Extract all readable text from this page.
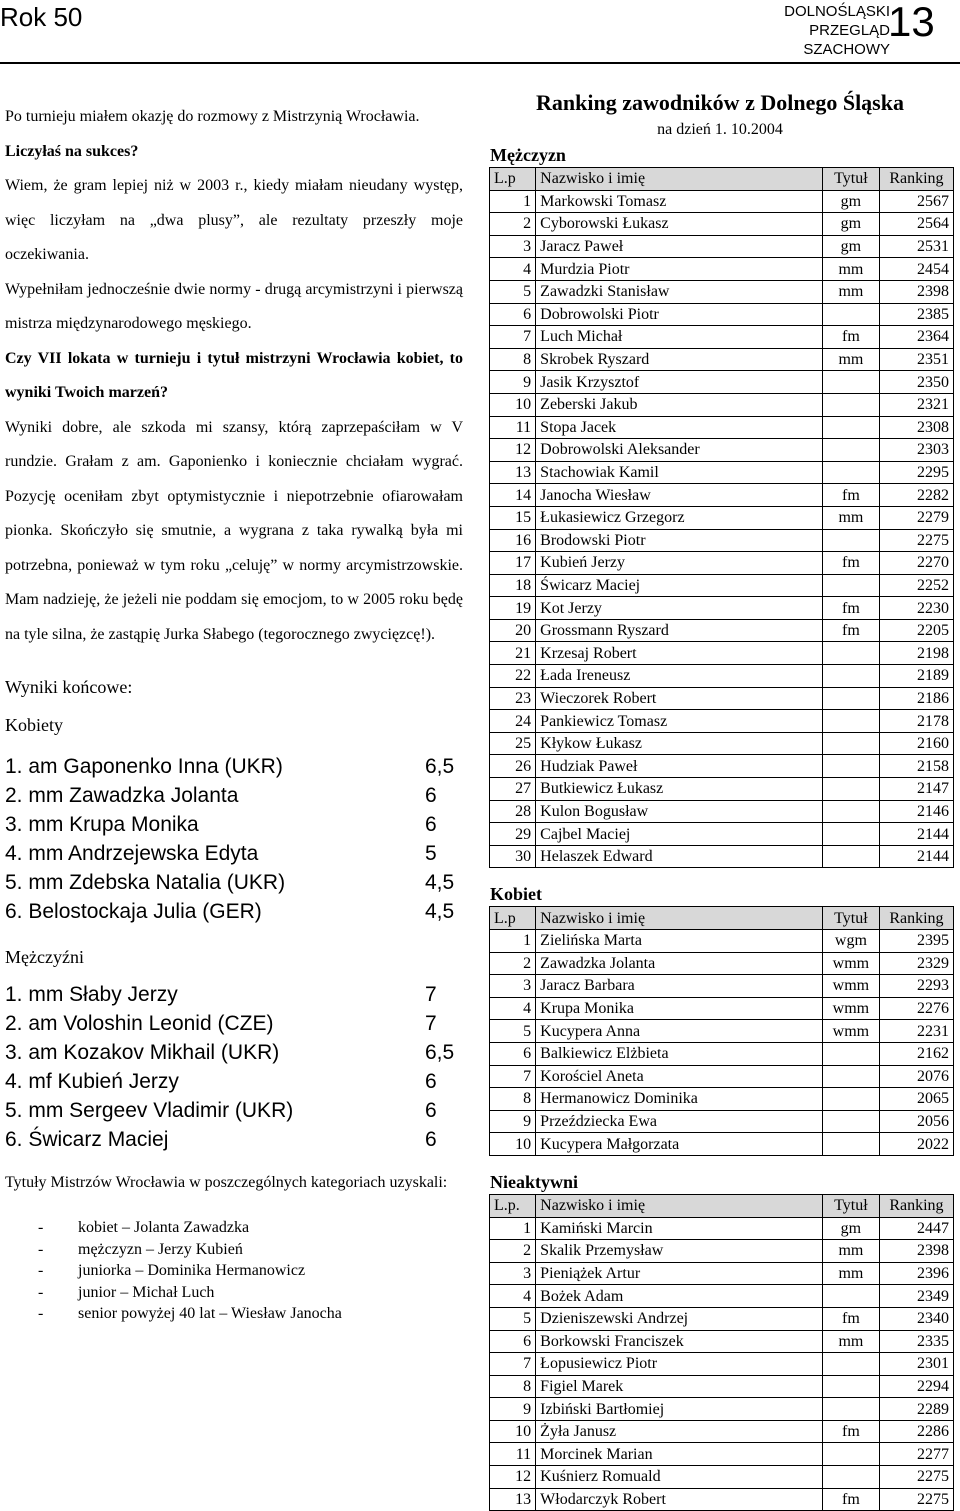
Rok 50	DOLNOŚLĄSKI
PRZEGLĄD
SZACHOWY
13

Po turnieju miałem okazję do rozmowy z Mistrzynią Wrocławia.

Liczyłaś na sukces?

Wiem, że gram lepiej niż w 2003 r., kiedy miałam nieudany występ, więc liczyłam na „dwa plusy”, ale rezultaty przeszły moje oczekiwania.

Wypełniłam jednocześnie dwie normy - drugą arcymistrzyni i pierwszą mistrza międzynarodowego męskiego.

Czy VII lokata w turnieju i tytuł mistrzyni Wrocławia kobiet, to wyniki Twoich marzeń?

Wyniki dobre, ale szkoda mi szansy, którą zaprzepaściłam w V rundzie. Grałam z am. Gaponienko i koniecznie chciałam wygrać. Pozycję oceniłam zbyt optymistycznie i niepotrzebnie ofiarowałam pionka. Skończyło się smutnie, a wygrana z taka rywalką była mi potrzebna, ponieważ w tym roku „celuję” w normy arcymistrzowskie. Mam nadzieję, że jeżeli nie poddam się emocjom, to w 2005 roku będę na tyle silna, że zastąpię Jurka Słabego (tegorocznego zwycięzcę!).

Wyniki końcowe:

Kobiety

1. am Gaponenko Inna (UKR)	6,5
2. mm Zawadzka Jolanta	6
3. mm Krupa Monika	6
4. mm Andrzejewska Edyta	5
5. mm Zdebska Natalia (UKR)	4,5
6. Belostockaja Julia (GER)	4,5

Mężczyźni

1. mm Słaby Jerzy	7
2. am Voloshin Leonid (CZE)	7
3. am Kozakov Mikhail (UKR)	6,5
4. mf Kubień Jerzy	6
5. mm Sergeev Vladimir (UKR)	6
6. Świcarz Maciej	6

Tytuły Mistrzów Wrocławia w poszczególnych kategoriach uzyskali:

- kobiet – Jolanta Zawadzka
- mężczyzn – Jerzy Kubień
- juniorka – Dominika Hermanowicz
- junior – Michał Luch
- senior powyżej 40 lat – Wiesław Janocha

Ranking zawodników z Dolnego Śląska

na dzień 1. 10.2004

Mężczyzn

L.p	Nazwisko i imię	Tytuł	Ranking
1	Markowski Tomasz	gm	2567
2	Cyborowski Łukasz	gm	2564
3	Jaracz Paweł	gm	2531
4	Murdzia Piotr	mm	2454
5	Zawadzki Stanisław	mm	2398
6	Dobrowolski Piotr		2385
7	Luch Michał	fm	2364
8	Skrobek Ryszard	mm	2351
9	Jasik Krzysztof		2350
10	Zeberski Jakub		2321
11	Stopa Jacek		2308
12	Dobrowolski Aleksander		2303
13	Stachowiak Kamil		2295
14	Janocha Wiesław	fm	2282
15	Łukasiewicz Grzegorz	mm	2279
16	Brodowski Piotr		2275
17	Kubień Jerzy	fm	2270
18	Świcarz Maciej		2252
19	Kot Jerzy	fm	2230
20	Grossmann Ryszard	fm	2205
21	Krzesaj Robert		2198
22	Łada Ireneusz		2189
23	Wieczorek Robert		2186
24	Pankiewicz Tomasz		2178
25	Kłykow Łukasz		2160
26	Hudziak Paweł		2158
27	Butkiewicz Łukasz		2147
28	Kulon Bogusław		2146
29	Cajbel Maciej		2144
30	Helaszek Edward		2144

Kobiet

L.p	Nazwisko i imię	Tytuł	Ranking
1	Zielińska Marta	wgm	2395
2	Zawadzka Jolanta	wmm	2329
3	Jaracz Barbara	wmm	2293
4	Krupa Monika	wmm	2276
5	Kucypera Anna	wmm	2231
6	Balkiewicz Elżbieta		2162
7	Korościel Aneta		2076
8	Hermanowicz Dominika		2065
9	Przeździecka Ewa		2056
10	Kucypera Małgorzata		2022

Nieaktywni

L.p.	Nazwisko i imię	Tytuł	Ranking
1	Kamiński Marcin	gm	2447
2	Skalik Przemysław	mm	2398
3	Pieniążek Artur	mm	2396
4	Bożek Adam		2349
5	Dzieniszewski Andrzej	fm	2340
6	Borkowski Franciszek	mm	2335
7	Łopusiewicz Piotr		2301
8	Figiel Marek		2294
9	Izbiński Bartłomiej		2289
10	Żyła Janusz	fm	2286
11	Morcinek Marian		2277
12	Kuśnierz Romuald		2275
13	Włodarczyk Robert	fm	2275
